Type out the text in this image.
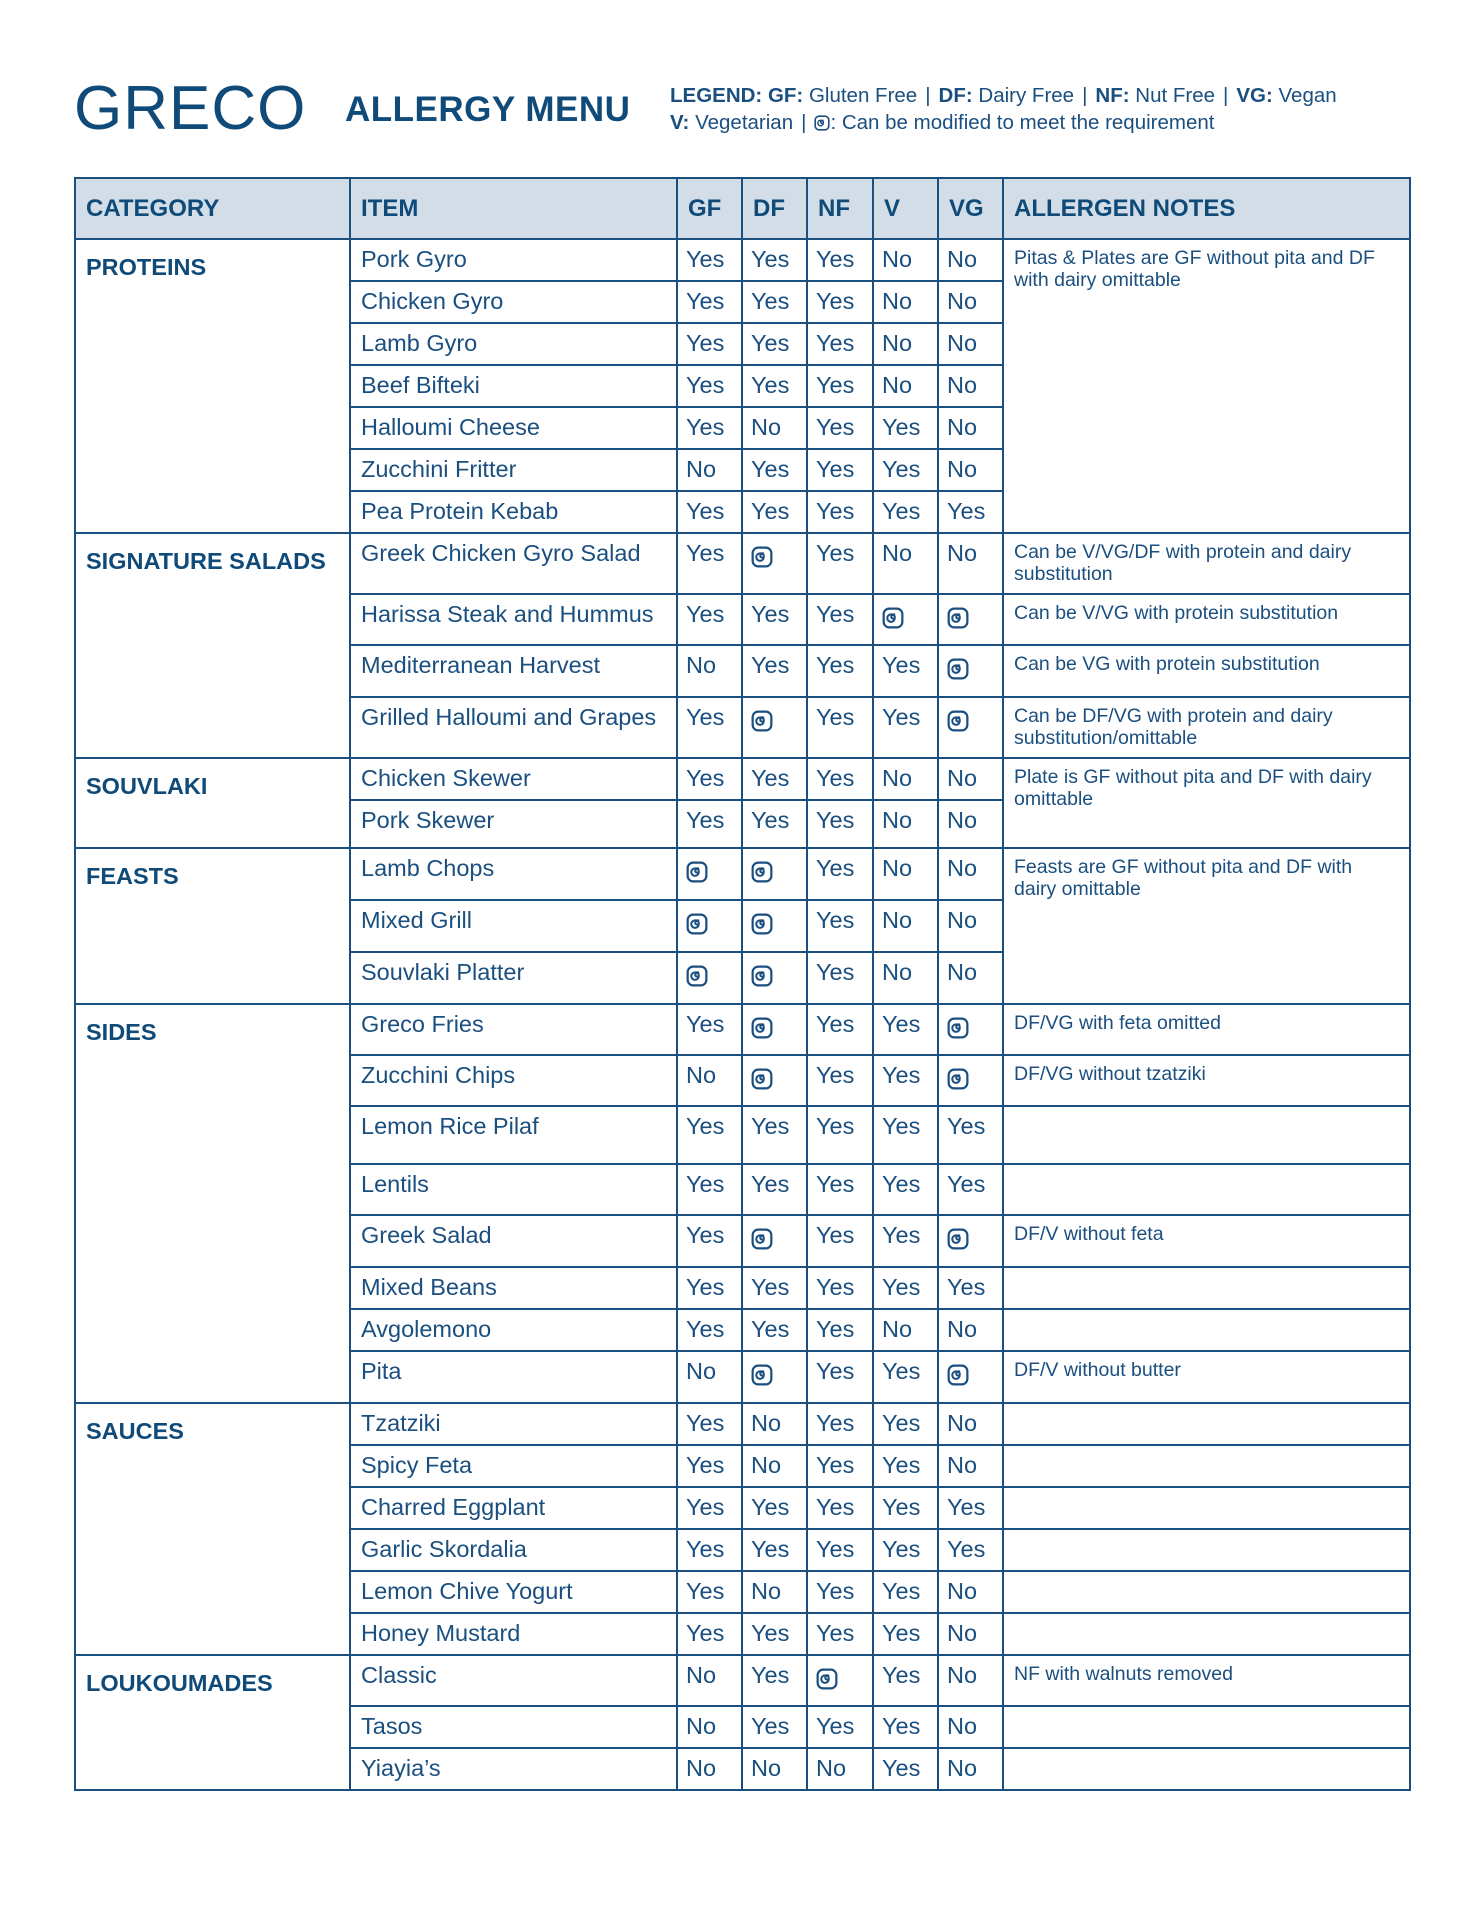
GRECO ALLERGY MENU LEGEND: GF: Gluten Free | DF: Dairy Free | NF: Nut Free | VG: Vegan
V: Vegetarian | : Can be modified to meet the requirement
CATEGORY	ITEM	GF	DF	NF	V	VG	ALLERGEN NOTES
PROTEINS	Pork Gyro	Yes	Yes	Yes	No	No	Pitas & Plates are GF without pita and DF with dairy omittable
	Chicken Gyro	Yes	Yes	Yes	No	No	
	Lamb Gyro	Yes	Yes	Yes	No	No	
	Beef Bifteki	Yes	Yes	Yes	No	No	
	Halloumi Cheese	Yes	No	Yes	Yes	No	
	Zucchini Fritter	No	Yes	Yes	Yes	No	
	Pea Protein Kebab	Yes	Yes	Yes	Yes	Yes	
SIGNATURE SALADS	Greek Chicken Gyro Salad	Yes		Yes	No	No	Can be V/VG/DF with protein and dairy substitution
	Harissa Steak and Hummus	Yes	Yes	Yes			Can be V/VG with protein substitution
	Mediterranean Harvest	No	Yes	Yes	Yes		Can be VG with protein substitution
	Grilled Halloumi and Grapes	Yes		Yes	Yes		Can be DF/VG with protein and dairy substitution/omittable
SOUVLAKI	Chicken Skewer	Yes	Yes	Yes	No	No	Plate is GF without pita and DF with dairy omittable
	Pork Skewer	Yes	Yes	Yes	No	No	
FEASTS	Lamb Chops			Yes	No	No	Feasts are GF without pita and DF with dairy omittable
	Mixed Grill			Yes	No	No	
	Souvlaki Platter			Yes	No	No	
SIDES	Greco Fries	Yes		Yes	Yes		DF/VG with feta omitted
	Zucchini Chips	No		Yes	Yes		DF/VG without tzatziki
	Lemon Rice Pilaf	Yes	Yes	Yes	Yes	Yes	
	Lentils	Yes	Yes	Yes	Yes	Yes	
	Greek Salad	Yes		Yes	Yes		DF/V without feta
	Mixed Beans	Yes	Yes	Yes	Yes	Yes	
	Avgolemono	Yes	Yes	Yes	No	No	
	Pita	No		Yes	Yes		DF/V without butter
SAUCES	Tzatziki	Yes	No	Yes	Yes	No	
	Spicy Feta	Yes	No	Yes	Yes	No	
	Charred Eggplant	Yes	Yes	Yes	Yes	Yes	
	Garlic Skordalia	Yes	Yes	Yes	Yes	Yes	
	Lemon Chive Yogurt	Yes	No	Yes	Yes	No	
	Honey Mustard	Yes	Yes	Yes	Yes	No	
LOUKOUMADES	Classic	No	Yes		Yes	No	NF with walnuts removed
	Tasos	No	Yes	Yes	Yes	No	
	Yiayia’s	No	No	No	Yes	No	
